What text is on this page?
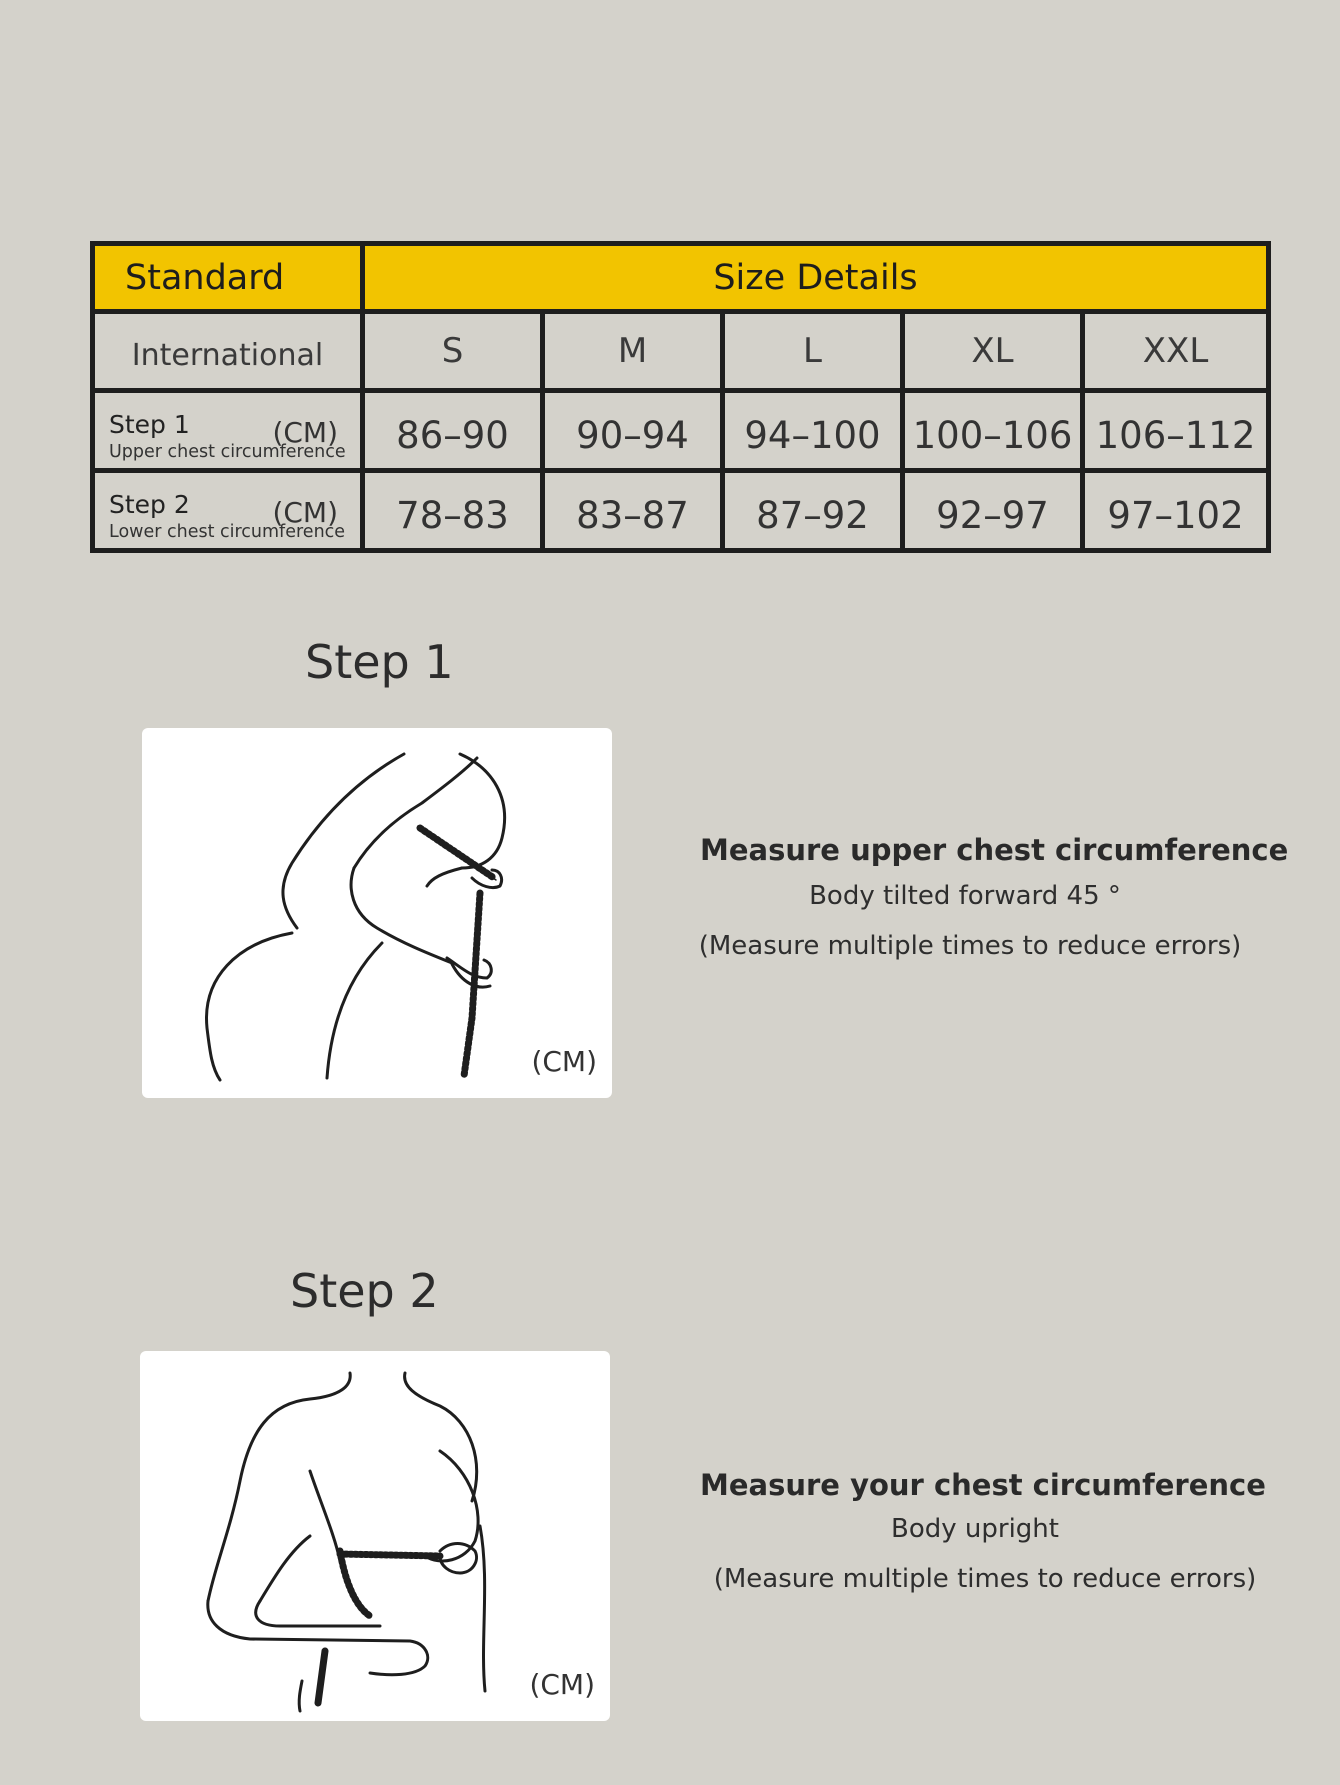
Standard	Size Details				
International	S	M	L	XL	XXL

Step 1 (CM)
Upper chest circumference	86–90	90–94	94–100	100–106	106–112

Step 2 (CM)
Lower chest circumference	78–83	83–87	87–92	92–97	97–102
Step 1
(CM)
Measure upper chest circumference
Body tilted forward 45 °
(Measure multiple times to reduce errors)
Step 2
(CM)
Measure your chest circumference
Body upright
(Measure multiple times to reduce errors)
